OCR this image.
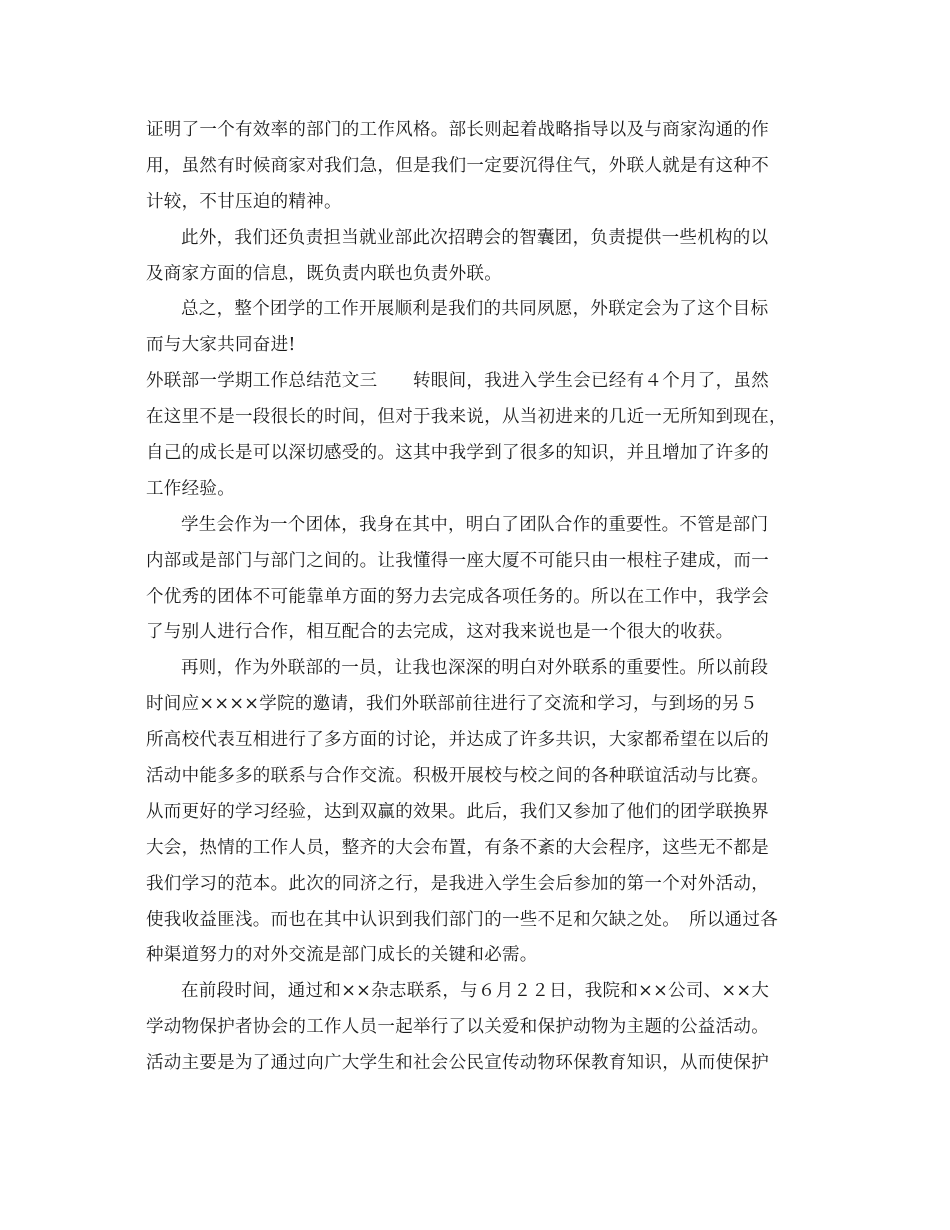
证明了一个有效率的部门的工作风格。部长则起着战略指导以及与商家沟通的作
用，虽然有时候商家对我们急，但是我们一定要沉得住气，外联人就是有这种不
计较，不甘压迫的精神。
此外，我们还负责担当就业部此次招聘会的智囊团，负责提供一些机构的以
及商家方面的信息，既负责内联也负责外联。
总之，整个团学的工作开展顺利是我们的共同夙愿，外联定会为了这个目标
而与大家共同奋进!
外联部一学期工作总结范文三　　转眼间，我进入学生会已经有４个月了，虽然
在这里不是一段很长的时间，但对于我来说，从当初进来的几近一无所知到现在，
自己的成长是可以深切感受的。这其中我学到了很多的知识，并且增加了许多的
工作经验。
学生会作为一个团体，我身在其中，明白了团队合作的重要性。不管是部门
内部或是部门与部门之间的。让我懂得一座大厦不可能只由一根柱子建成，而一
个优秀的团体不可能靠单方面的努力去完成各项任务的。所以在工作中，我学会
了与别人进行合作，相互配合的去完成，这对我来说也是一个很大的收获。
再则，作为外联部的一员，让我也深深的明白对外联系的重要性。所以前段
时间应××××学院的邀请，我们外联部前往进行了交流和学习，与到场的另５
所高校代表互相进行了多方面的讨论，并达成了许多共识，大家都希望在以后的
活动中能多多的联系与合作交流。积极开展校与校之间的各种联谊活动与比赛。
从而更好的学习经验，达到双赢的效果。此后，我们又参加了他们的团学联换界
大会，热情的工作人员，整齐的大会布置，有条不紊的大会程序，这些无不都是
我们学习的范本。此次的同济之行，是我进入学生会后参加的第一个对外活动，
使我收益匪浅。而也在其中认识到我们部门的一些不足和欠缺之处。　所以通过各
种渠道努力的对外交流是部门成长的关键和必需。
在前段时间，通过和××杂志联系，与６月２２日，我院和××公司、××大
学动物保护者协会的工作人员一起举行了以关爱和保护动物为主题的公益活动。
活动主要是为了通过向广大学生和社会公民宣传动物环保教育知识，从而使保护
